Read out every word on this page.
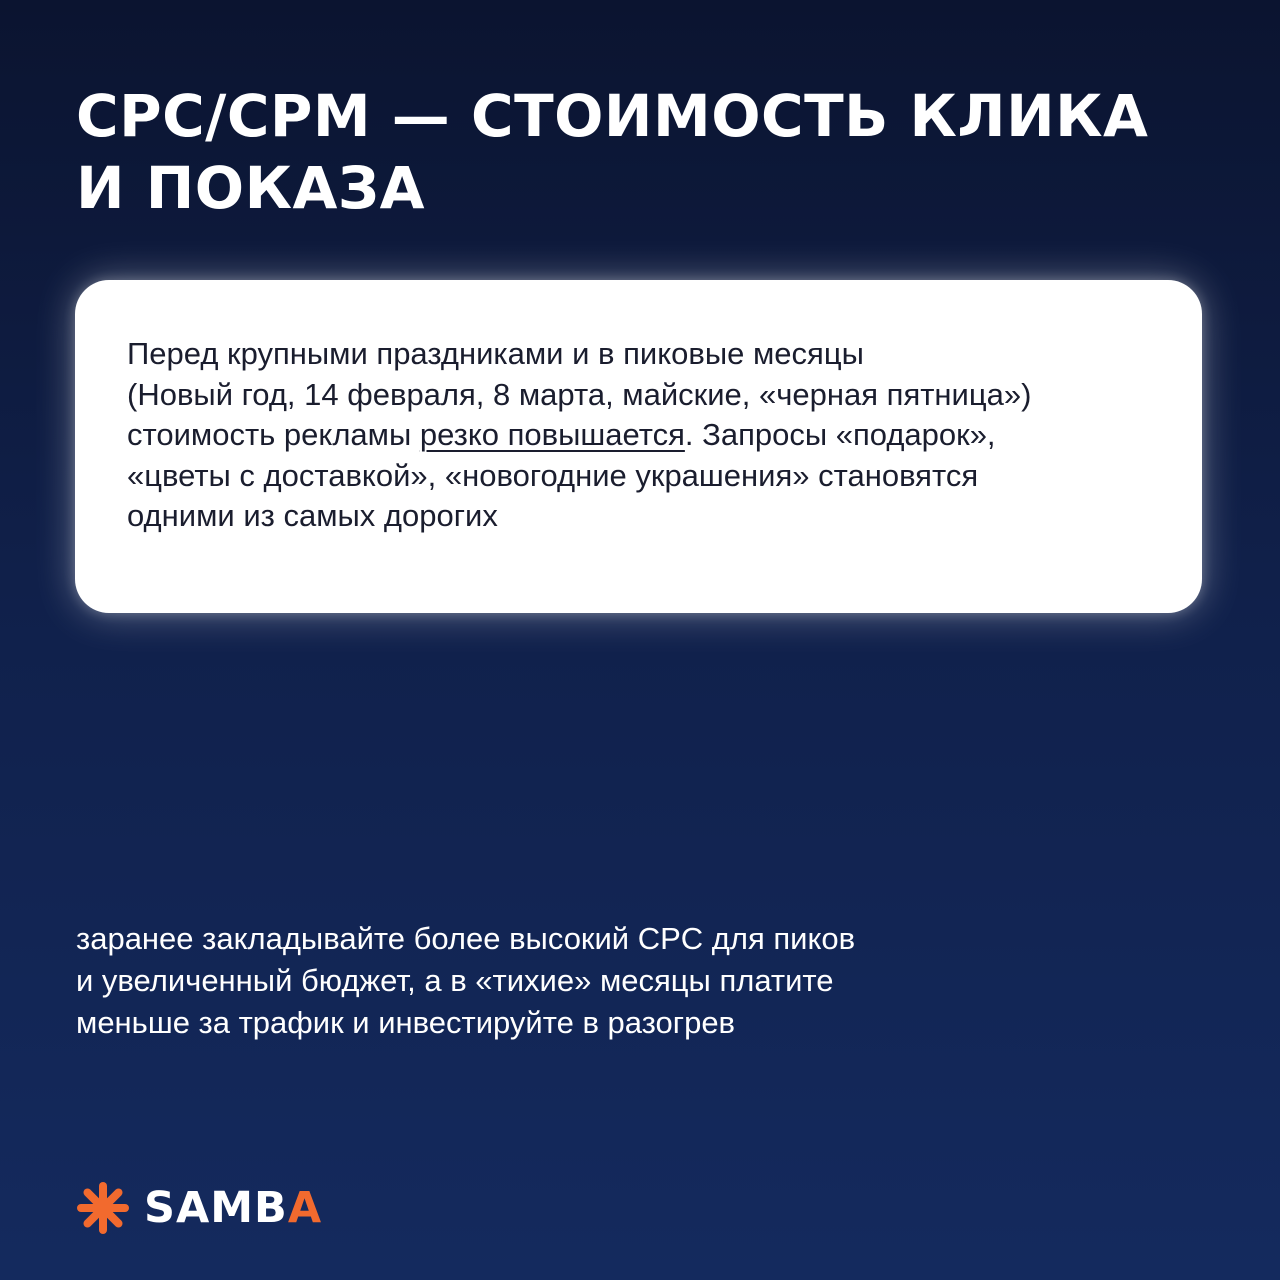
CPC/CPM — СТОИМОСТЬ КЛИКА
И ПОКАЗА

Перед крупными праздниками и в пиковые месяцы
(Новый год, 14 февраля, 8 марта, майские, «черная пятница»)
стоимость рекламы резко повышается. Запросы «подарок»,
«цветы с доставкой», «новогодние украшения» становятся
одними из самых дорогих

заранее закладывайте более высокий CPC для пиков
и увеличенный бюджет, а в «тихие» месяцы платите
меньше за трафик и инвестируйте в разогрев

SAMBA
